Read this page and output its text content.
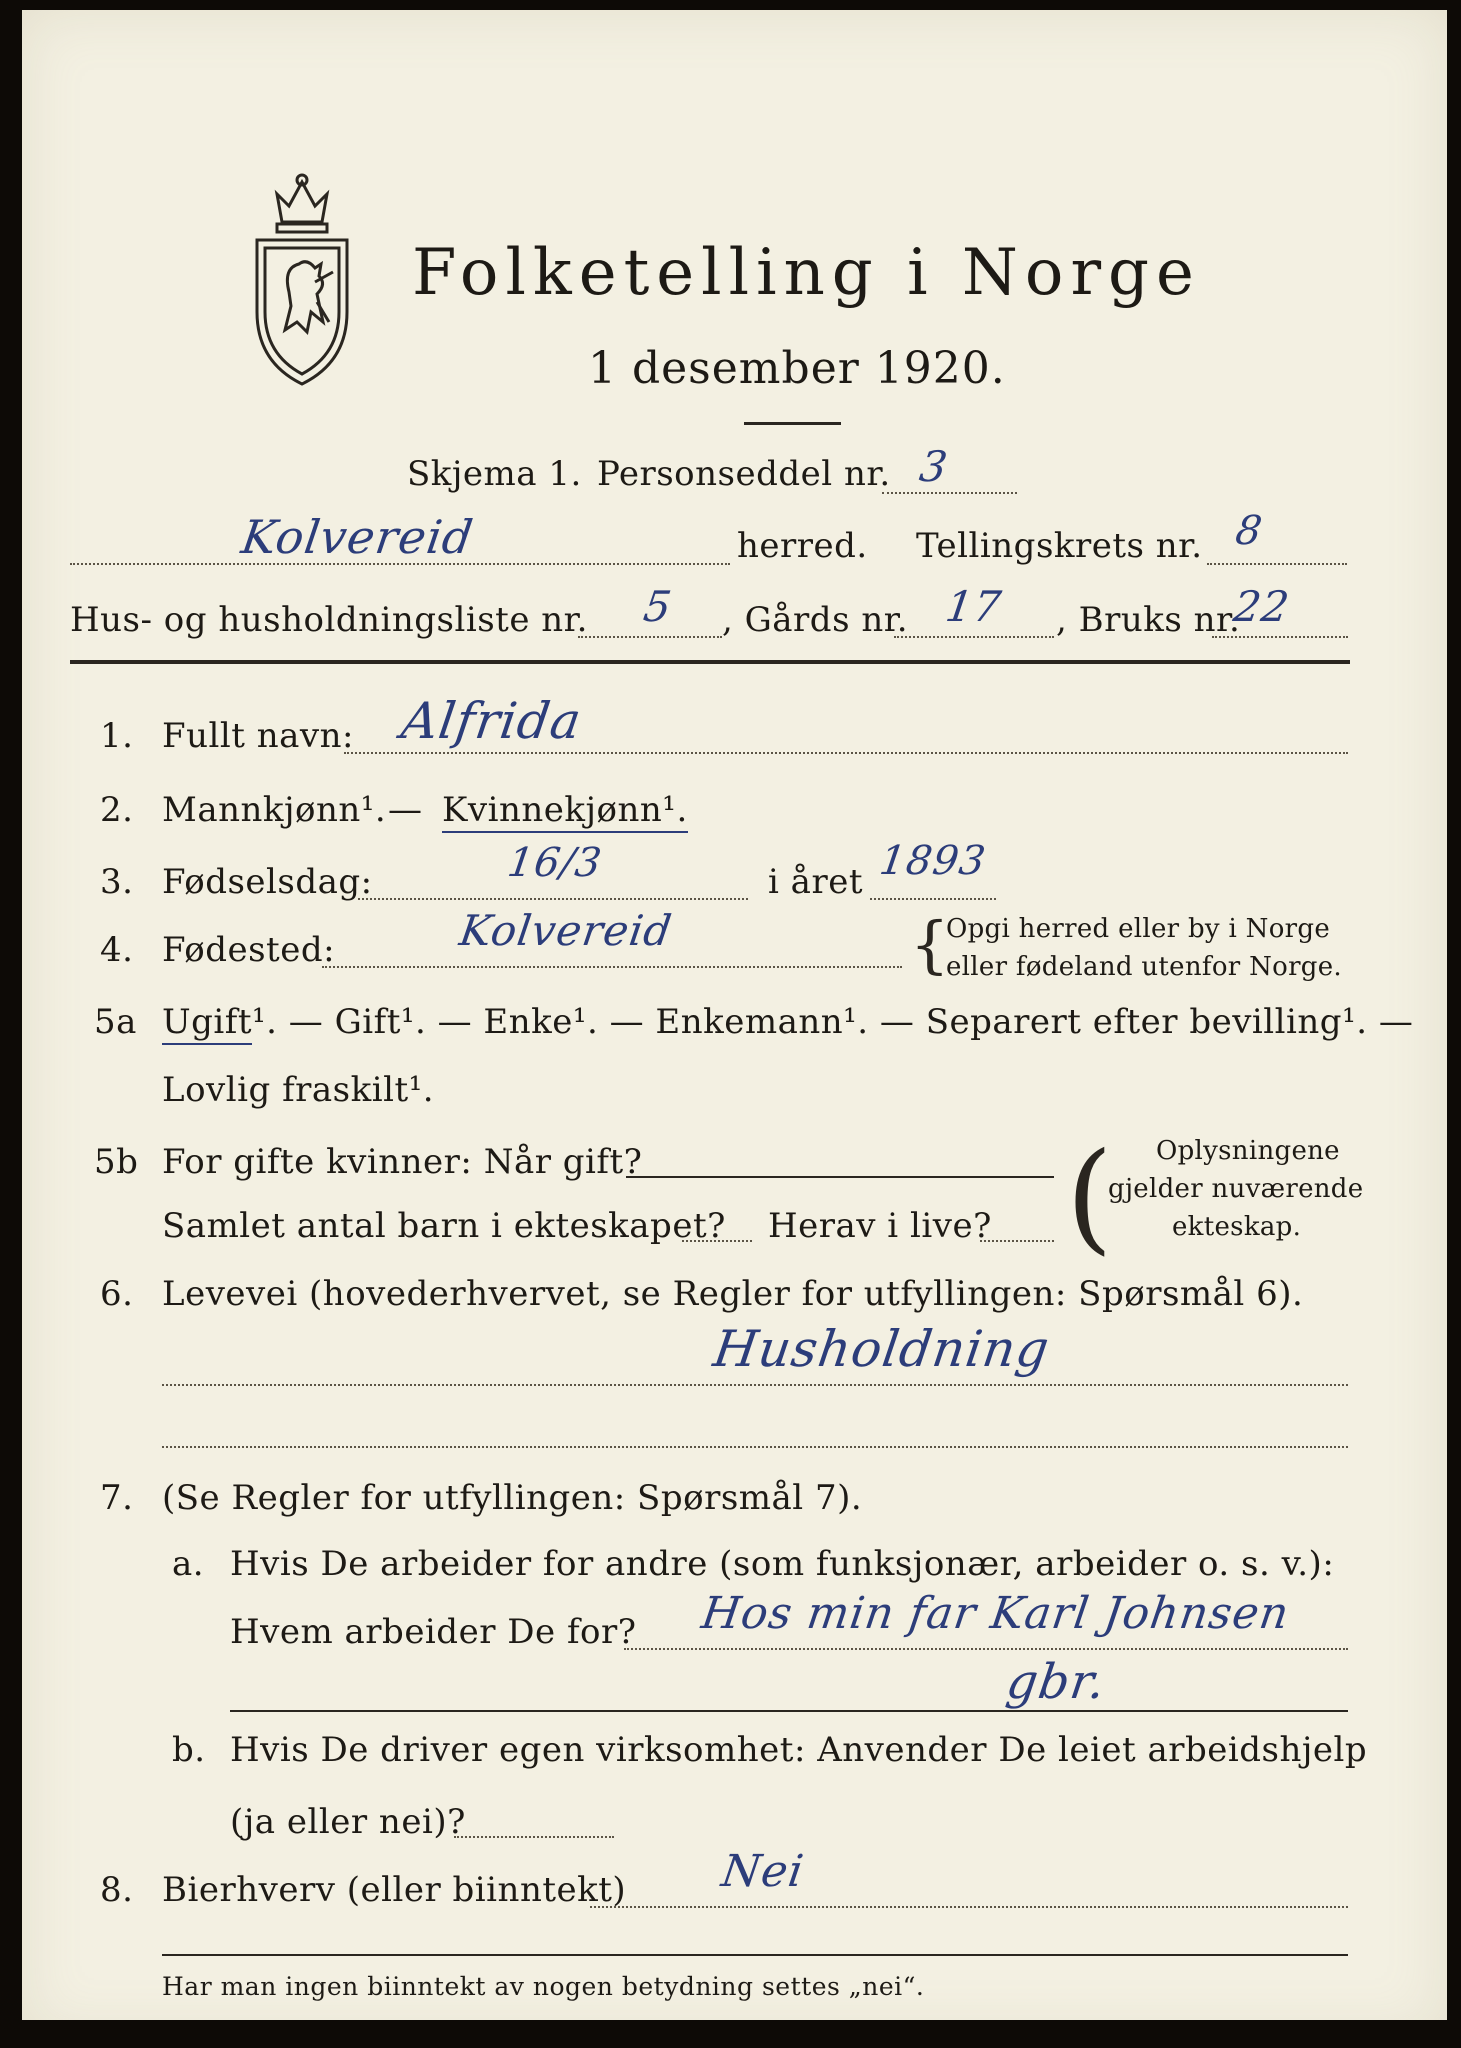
Folketelling i Norge
1 desember 1920.
Skjema 1. Personseddel nr. 3
Kolvereid	herred. Tellingskrets nr. 8
Hus- og husholdningsliste nr. 5 , Gårds nr. 17 , Bruks nr.
22
1. Fullt navn: Alfrida
2. Mannkjønn¹. — Kvinnekjønn¹.
3. Fødselsdag:	16/3	i året 1893
4. Fødested:	Kolvereid	{
Opgi herred eller by i Norge
eller fødeland utenfor Norge.
5a Ugift¹. — Gift¹. — Enke¹. — Enkemann¹. — Separert efter bevilling¹. —
Lovlig fraskilt¹.
5b For gifte kvinner: Når gift?
Samlet antal barn i ekteskapet? Herav i live? ( Oplysningene
gjelder nuværende
ekteskap.
6. Levevei (hovederhvervet, se Regler for utfyllingen: Spørsmål 6).
Husholdning
7. (Se Regler for utfyllingen: Spørsmål 7).
a. Hvis De arbeider for andre (som funksjonær, arbeider o. s. v.):
Hvem arbeider De for? Hos min far Karl Johnsen
gbr.
b. Hvis De driver egen virksomhet: Anvender De leiet arbeidshjelp
(ja eller nei)?
8. Bierhverv (eller biinntekt) Nei
Har man ingen biinntekt av nogen betydning settes „nei“.
